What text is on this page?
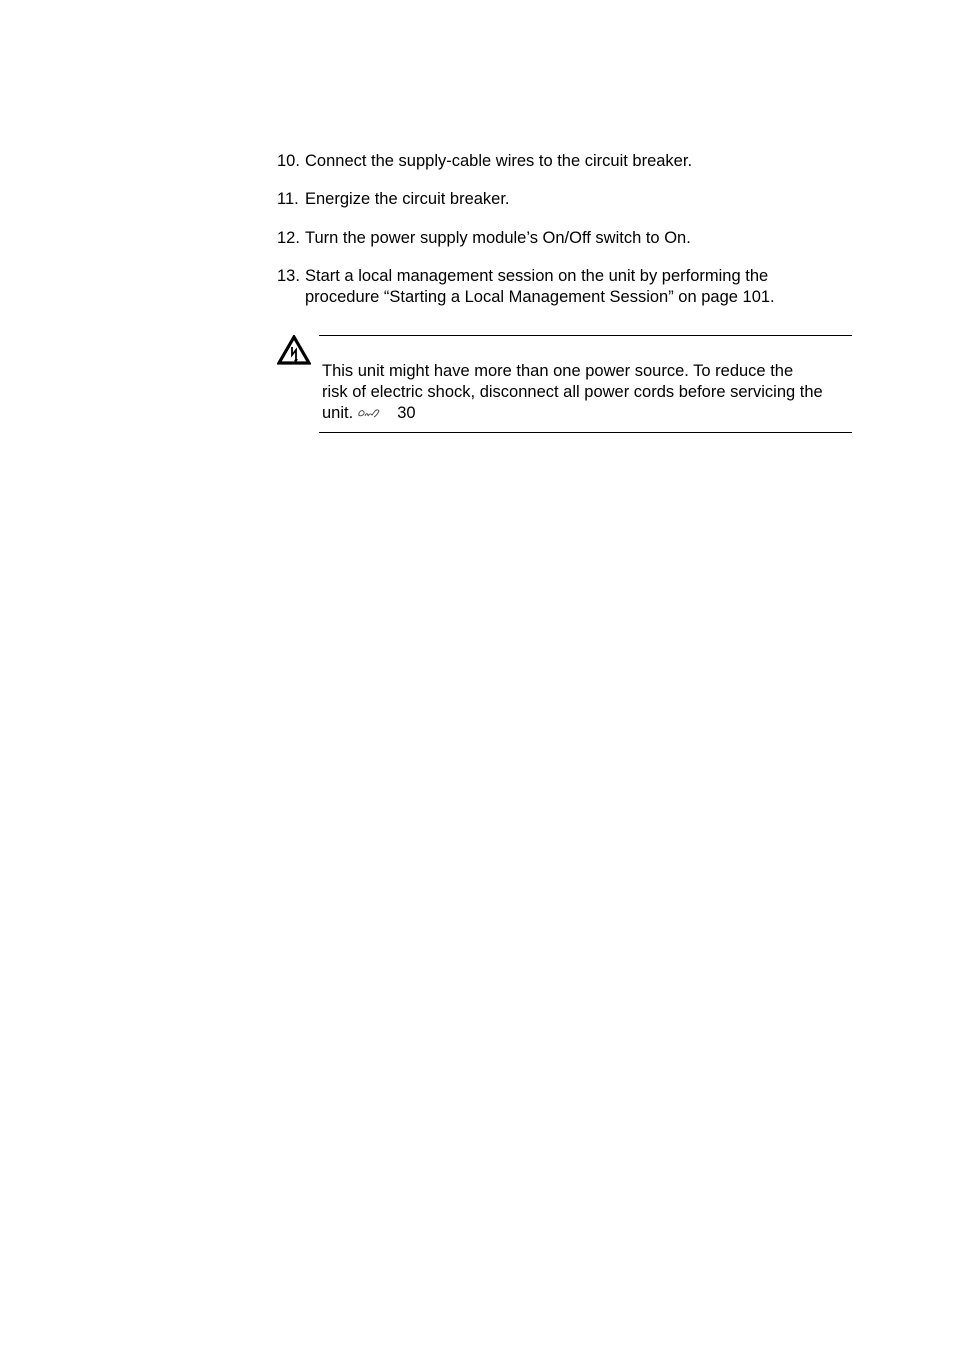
10. Connect the supply-cable wires to the circuit breaker.
11. Energize the circuit breaker.
12. Turn the power supply module’s On/Off switch to On.
13. Start a local management session on the unit by performing the
procedure “Starting a Local Management Session” on page 101.
This unit might have more than one power source. To reduce the
risk of electric shock, disconnect all power cords before servicing the
unit.	30
